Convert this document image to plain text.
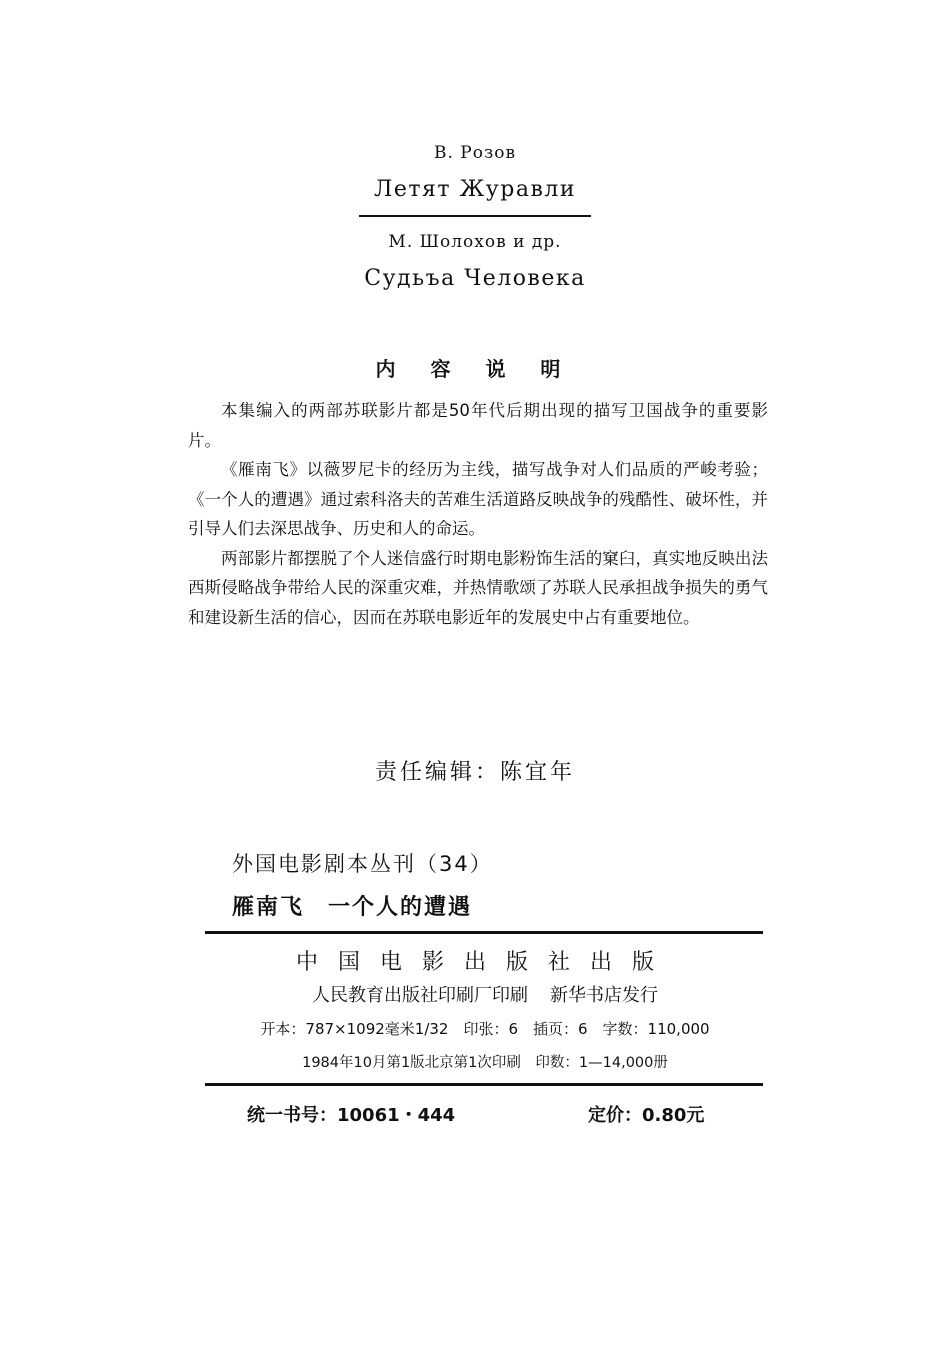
В. Розов
Летят Журавли
М. Шолохов и др.
Судьъа Человека
内 容 说 明

本集编入的两部苏联影片都是50年代后期出现的描写卫国战争的重要影片。

《雁南飞》以薇罗尼卡的经历为主线，描写战争对人们品质的严峻考验；《一个人的遭遇》通过索科洛夫的苦难生活道路反映战争的残酷性、破坏性，并引导人们去深思战争、历史和人的命运。

两部影片都摆脱了个人迷信盛行时期电影粉饰生活的窠臼，真实地反映出法西斯侵略战争带给人民的深重灾难，并热情歌颂了苏联人民承担战争损失的勇气和建设新生活的信心，因而在苏联电影近年的发展史中占有重要地位。

责任编辑：陈宜年
外国电影剧本丛刊（34）
雁南飞　一个人的遭遇
中国电影出版社出版
人民教育出版社印刷厂印刷 新华书店发行
开本：787×1092毫米1/32　印张：6　插页：6　字数：110,000
1984年10月第1版北京第1次印刷　印数：1—14,000册
统一书号：10061・444	定价：0.80元
